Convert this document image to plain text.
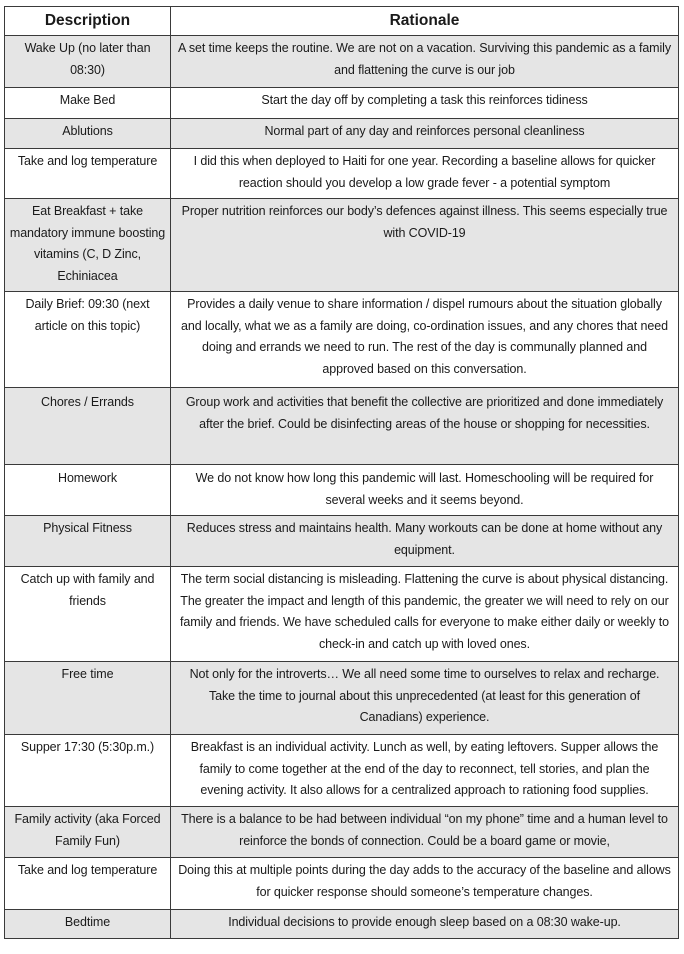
Description	Rationale
Wake Up (no later than 08:30)	A set time keeps the routine. We are not on a vacation. Surviving this pandemic as a family and flattening the curve is our job
Make Bed	Start the day off by completing a task this reinforces tidiness
Ablutions	Normal part of any day and reinforces personal cleanliness
Take and log temperature	I did this when deployed to Haiti for one year. Recording a baseline allows for quicker reaction should you develop a low grade fever - a potential symptom
Eat Breakfast + take mandatory immune boosting vitamins (C, D Zinc, Echiniacea	Proper nutrition reinforces our body’s defences against illness. This seems especially true with COVID-19
Daily Brief: 09:30 (next article on this topic)	Provides a daily venue to share information / dispel rumours about the situation globally and locally, what we as a family are doing, co-ordination issues, and any chores that need doing and errands we need to run. The rest of the day is communally planned and approved based on this conversation.
Chores / Errands	Group work and activities that benefit the collective are prioritized and done immediately after the brief. Could be disinfecting areas of the house or shopping for necessities.
Homework	We do not know how long this pandemic will last. Homeschooling will be required for several weeks and it seems beyond.
Physical Fitness	Reduces stress and maintains health. Many workouts can be done at home without any equipment.
Catch up with family and friends	The term social distancing is misleading. Flattening the curve is about physical distancing. The greater the impact and length of this pandemic, the greater we will need to rely on our family and friends. We have scheduled calls for everyone to make either daily or weekly to check-in and catch up with loved ones.
Free time	Not only for the introverts… We all need some time to ourselves to relax and recharge. Take the time to journal about this unprecedented (at least for this generation of Canadians) experience.
Supper 17:30 (5:30p.m.)	Breakfast is an individual activity. Lunch as well, by eating leftovers. Supper allows the family to come together at the end of the day to reconnect, tell stories, and plan the evening activity. It also allows for a centralized approach to rationing food supplies.
Family activity (aka Forced Family Fun)	There is a balance to be had between individual “on my phone” time and a human level to reinforce the bonds of connection. Could be a board game or movie,
Take and log temperature	Doing this at multiple points during the day adds to the accuracy of the baseline and allows for quicker response should someone’s temperature changes.
Bedtime	Individual decisions to provide enough sleep based on a 08:30 wake-up.
